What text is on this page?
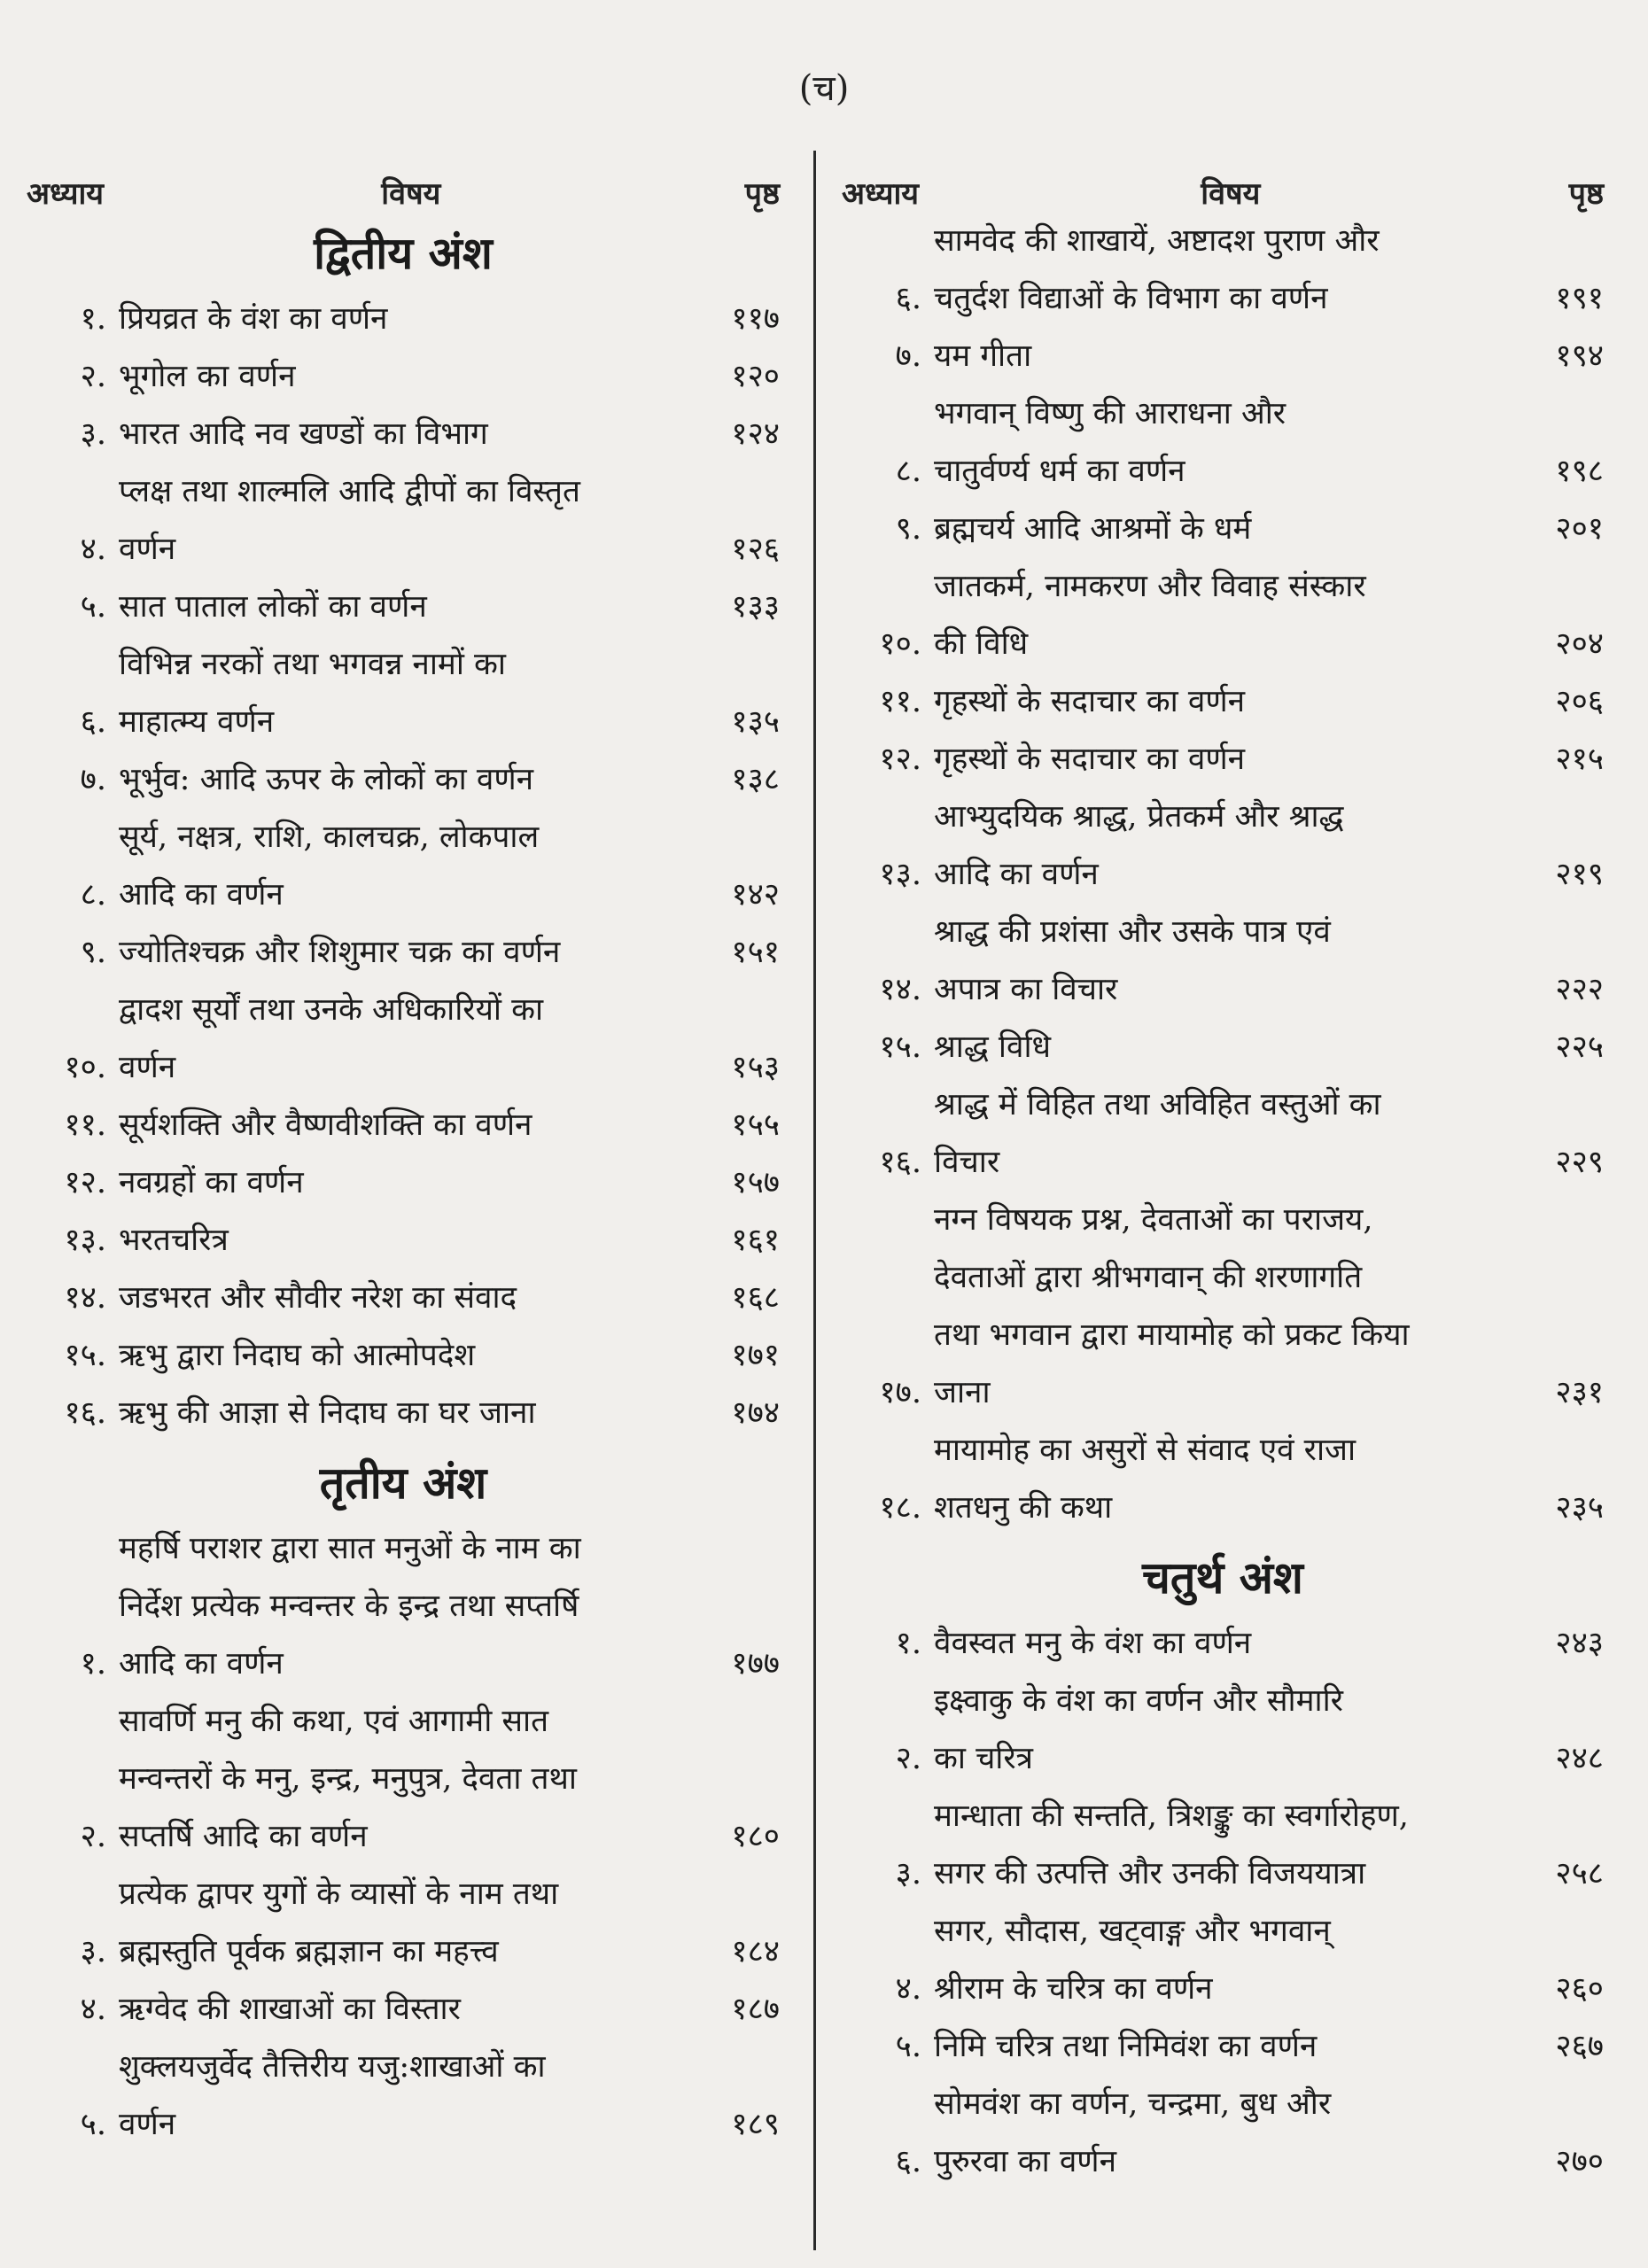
(च)
अध्याय	विषय	पृष्ठ
द्वितीय अंश
१. प्रियव्रत के वंश का वर्णन	११७
२. भूगोल का वर्णन	१२०
३. भारत आदि नव खण्डों का विभाग	१२४
४.
प्लक्ष तथा शाल्मलि आदि द्वीपों का विस्तृत
वर्णन	१२६
५. सात पाताल लोकों का वर्णन	१३३
६.
विभिन्न नरकों तथा भगवन्न नामों का
माहात्म्य वर्णन	१३५
७. भूर्भुव: आदि ऊपर के लोकों का वर्णन	१३८
८.
सूर्य, नक्षत्र, राशि, कालचक्र, लोकपाल
आदि का वर्णन	१४२
९. ज्योतिश्चक्र और शिशुमार चक्र का वर्णन	१५१
१०.
द्वादश सूर्यों तथा उनके अधिकारियों का
वर्णन	१५३
११. सूर्यशक्ति और वैष्णवीशक्ति का वर्णन	१५५
१२. नवग्रहों का वर्णन	१५७
१३. भरतचरित्र	१६१
१४. जडभरत और सौवीर नरेश का संवाद	१६८
१५. ऋभु द्वारा निदाघ को आत्मोपदेश	१७१
१६. ऋभु की आज्ञा से निदाघ का घर जाना	१७४
तृतीय अंश
१.
महर्षि पराशर द्वारा सात मनुओं के नाम का
निर्देश प्रत्येक मन्वन्तर के इन्द्र तथा सप्तर्षि
आदि का वर्णन	१७७
२.
सावर्णि मनु की कथा, एवं आगामी सात
मन्वन्तरों के मनु, इन्द्र, मनुपुत्र, देवता तथा
सप्तर्षि आदि का वर्णन	१८०
३.
प्रत्येक द्वापर युगों के व्यासों के नाम तथा
ब्रह्मस्तुति पूर्वक ब्रह्मज्ञान का महत्त्व	१८४
४. ऋग्वेद की शाखाओं का विस्तार	१८७
५.
शुक्लयजुर्वेद तैत्तिरीय यजु:शाखाओं का
वर्णन	१८९
अध्याय	विषय	पृष्ठ
६.
सामवेद की शाखायें, अष्टादश पुराण और
चतुर्दश विद्याओं के विभाग का वर्णन	१९१
७. यम गीता	१९४
८.
भगवान् विष्णु की आराधना और
चातुर्वर्ण्य धर्म का वर्णन	१९८
९. ब्रह्मचर्य आदि आश्रमों के धर्म	२०१
१०.
जातकर्म, नामकरण और विवाह संस्कार
की विधि	२०४
११. गृहस्थों के सदाचार का वर्णन	२०६
१२. गृहस्थों के सदाचार का वर्णन	२१५
१३.
आभ्युदयिक श्राद्ध, प्रेतकर्म और श्राद्ध
आदि का वर्णन	२१९
१४.
श्राद्ध की प्रशंसा और उसके पात्र एवं
अपात्र का विचार	२२२
१५. श्राद्ध विधि	२२५
१६.
श्राद्ध में विहित तथा अविहित वस्तुओं का
विचार	२२९
१७.
नग्न विषयक प्रश्न, देवताओं का पराजय,
देवताओं द्वारा श्रीभगवान् की शरणागति
तथा भगवान द्वारा मायामोह को प्रकट किया
जाना	२३१
१८.
मायामोह का असुरों से संवाद एवं राजा
शतधनु की कथा	२३५
चतुर्थ अंश
१. वैवस्वत मनु के वंश का वर्णन	२४३
२.
इक्ष्वाकु के वंश का वर्णन और सौमारि
का चरित्र	२४८
३.
मान्धाता की सन्तति, त्रिशङ्कु का स्वर्गारोहण,
सगर की उत्पत्ति और उनकी विजययात्रा	२५८
४.
सगर, सौदास, खट्वाङ्ग और भगवान्
श्रीराम के चरित्र का वर्णन	२६०
५. निमि चरित्र तथा निमिवंश का वर्णन	२६७
६.
सोमवंश का वर्णन, चन्द्रमा, बुध और
पुरुरवा का वर्णन	२७०
